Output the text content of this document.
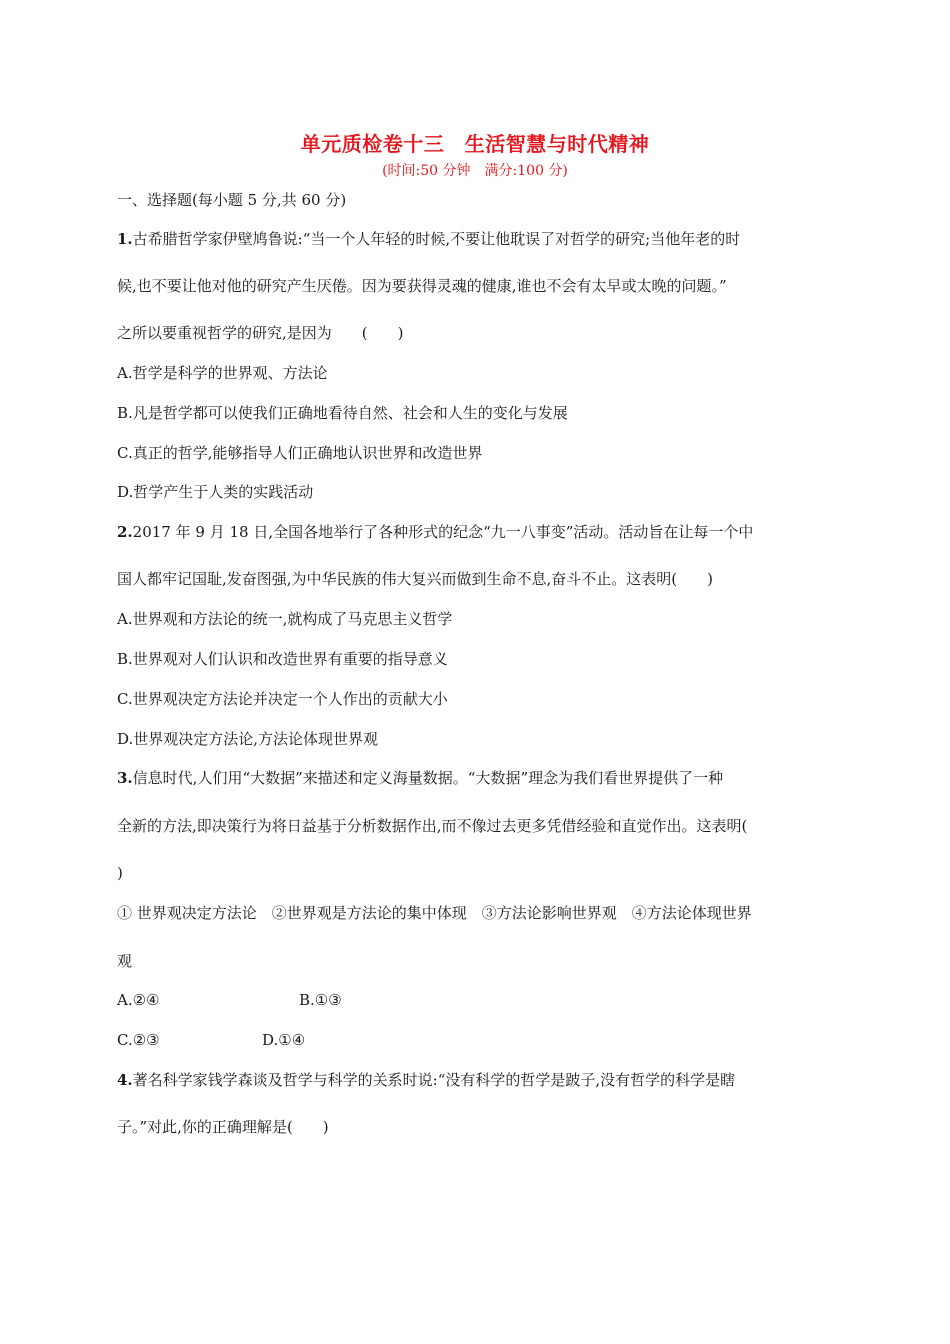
单元质检卷十三　生活智慧与时代精神
(时间:50 分钟　满分:100 分)
一、选择题(每小题 5 分,共 60 分)
1.古希腊哲学家伊壁鸠鲁说:“当一个人年轻的时候,不要让他耽误了对哲学的研究;当他年老的时
候,也不要让他对他的研究产生厌倦。因为要获得灵魂的健康,谁也不会有太早或太晚的问题。”
之所以要重视哲学的研究,是因为　　(　　)
A.哲学是科学的世界观、方法论
B.凡是哲学都可以使我们正确地看待自然、社会和人生的变化与发展
C.真正的哲学,能够指导人们正确地认识世界和改造世界
D.哲学产生于人类的实践活动
2.2017 年 9 月 18 日,全国各地举行了各种形式的纪念“九一八事变”活动。活动旨在让每一个中
国人都牢记国耻,发奋图强,为中华民族的伟大复兴而做到生命不息,奋斗不止。这表明(　　)
A.世界观和方法论的统一,就构成了马克思主义哲学
B.世界观对人们认识和改造世界有重要的指导意义
C.世界观决定方法论并决定一个人作出的贡献大小
D.世界观决定方法论,方法论体现世界观
3.信息时代,人们用“大数据”来描述和定义海量数据。“大数据”理念为我们看世界提供了一种
全新的方法,即决策行为将日益基于分析数据作出,而不像过去更多凭借经验和直觉作出。这表明(
)
① 世界观决定方法论　②世界观是方法论的集中体现　③方法论影响世界观　④方法论体现世界
观
A.②④	B.①③
C.②③	D.①④
4.著名科学家钱学森谈及哲学与科学的关系时说:“没有科学的哲学是跛子,没有哲学的科学是瞎
子。”对此,你的正确理解是(　　)
